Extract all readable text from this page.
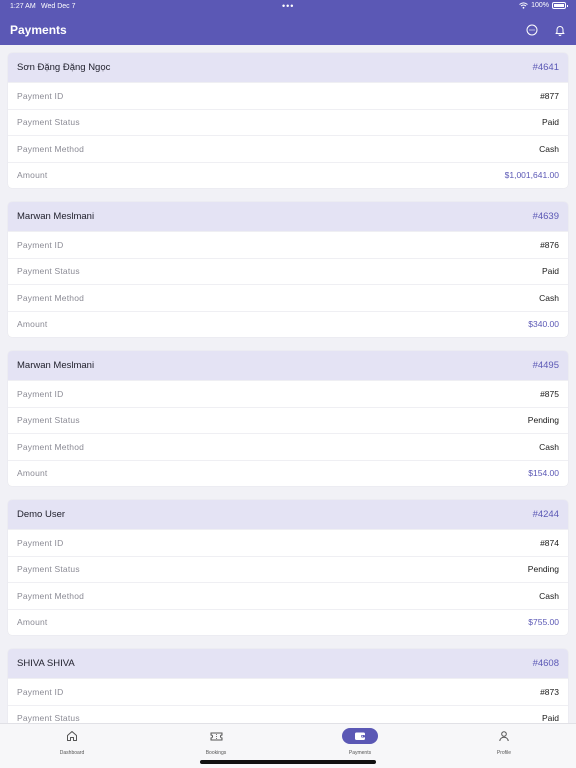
1:27 AM Wed Dec 7	•••	100%
Payments
Sơn Đặng Đặng Ngọc	#4641
Payment ID	#877
Payment Status	Paid
Payment Method	Cash
Amount	$1,001,641.00
Marwan Meslmani	#4639
Payment ID	#876
Payment Status	Paid
Payment Method	Cash
Amount	$340.00
Marwan Meslmani	#4495
Payment ID	#875
Payment Status	Pending
Payment Method	Cash
Amount	$154.00
Demo User	#4244
Payment ID	#874
Payment Status	Pending
Payment Method	Cash
Amount	$755.00
SHIVA SHIVA	#4608
Payment ID	#873
Payment Status	Paid
Dashboard	Bookings	Payments	Profile
